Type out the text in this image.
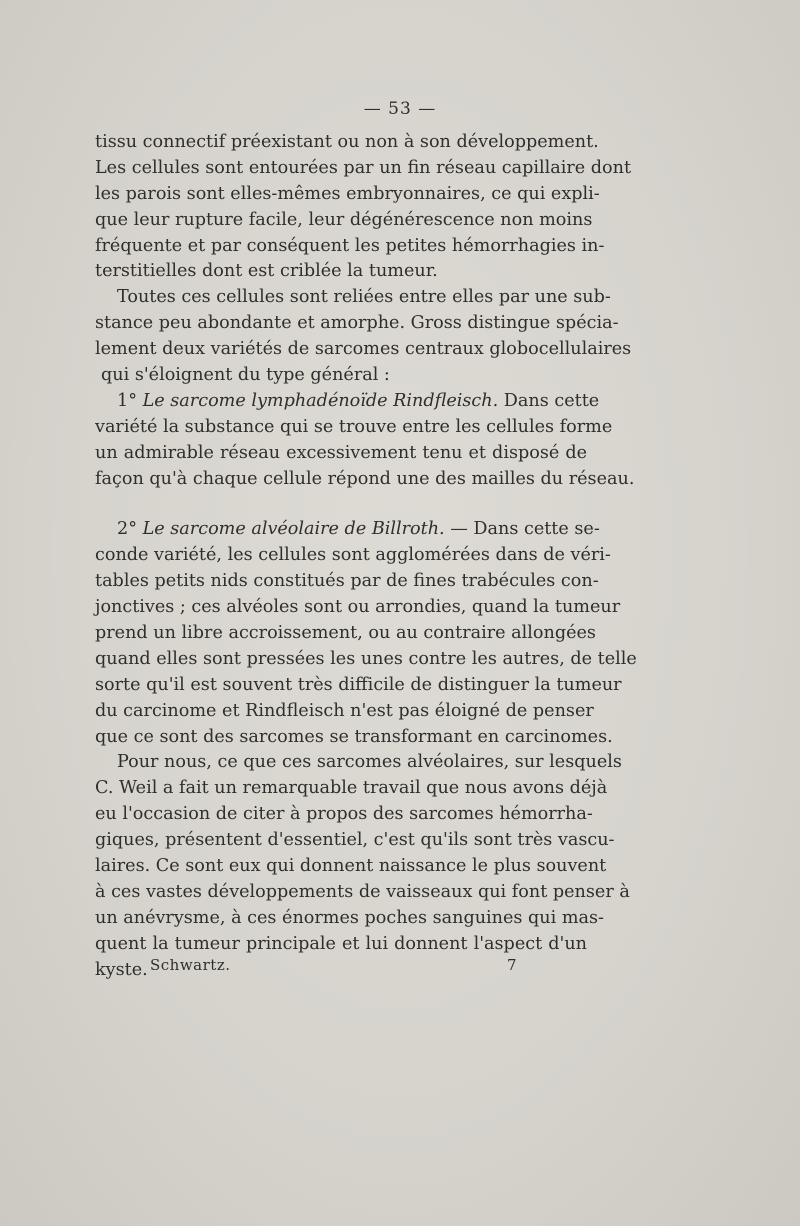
— 53 —
tissu connectif préexistant ou non à son développement.
Les cellules sont entourées par un fin réseau capillaire dont
les parois sont elles-mêmes embryonnaires, ce qui expli-
que leur rupture facile, leur dégénérescence non moins
fréquente et par conséquent les petites hémorrhagies in-
terstitielles dont est criblée la tumeur.
Toutes ces cellules sont reliées entre elles par une sub-
stance peu abondante et amorphe. Gross distingue spécia-
lement deux variétés de sarcomes centraux globocellulaires
qui s'éloignent du type général :
1° Le sarcome lymphadénoïde Rindfleisch. Dans cette
variété la substance qui se trouve entre les cellules forme
un admirable réseau excessivement tenu et disposé de
façon qu'à chaque cellule répond une des mailles du réseau.
2° Le sarcome alvéolaire de Billroth. — Dans cette se-
conde variété, les cellules sont agglomérées dans de véri-
tables petits nids constitués par de fines trabécules con-
jonctives ; ces alvéoles sont ou arrondies, quand la tumeur
prend un libre accroissement, ou au contraire allongées
quand elles sont pressées les unes contre les autres, de telle
sorte qu'il est souvent très difficile de distinguer la tumeur
du carcinome et Rindfleisch n'est pas éloigné de penser
que ce sont des sarcomes se transformant en carcinomes.
Pour nous, ce que ces sarcomes alvéolaires, sur lesquels
C. Weil a fait un remarquable travail que nous avons déjà
eu l'occasion de citer à propos des sarcomes hémorrha-
giques, présentent d'essentiel, c'est qu'ils sont très vascu-
laires. Ce sont eux qui donnent naissance le plus souvent
à ces vastes développements de vaisseaux qui font penser à
un anévrysme, à ces énormes poches sanguines qui mas-
quent la tumeur principale et lui donnent l'aspect d'un
kyste. Schwartz.	7
